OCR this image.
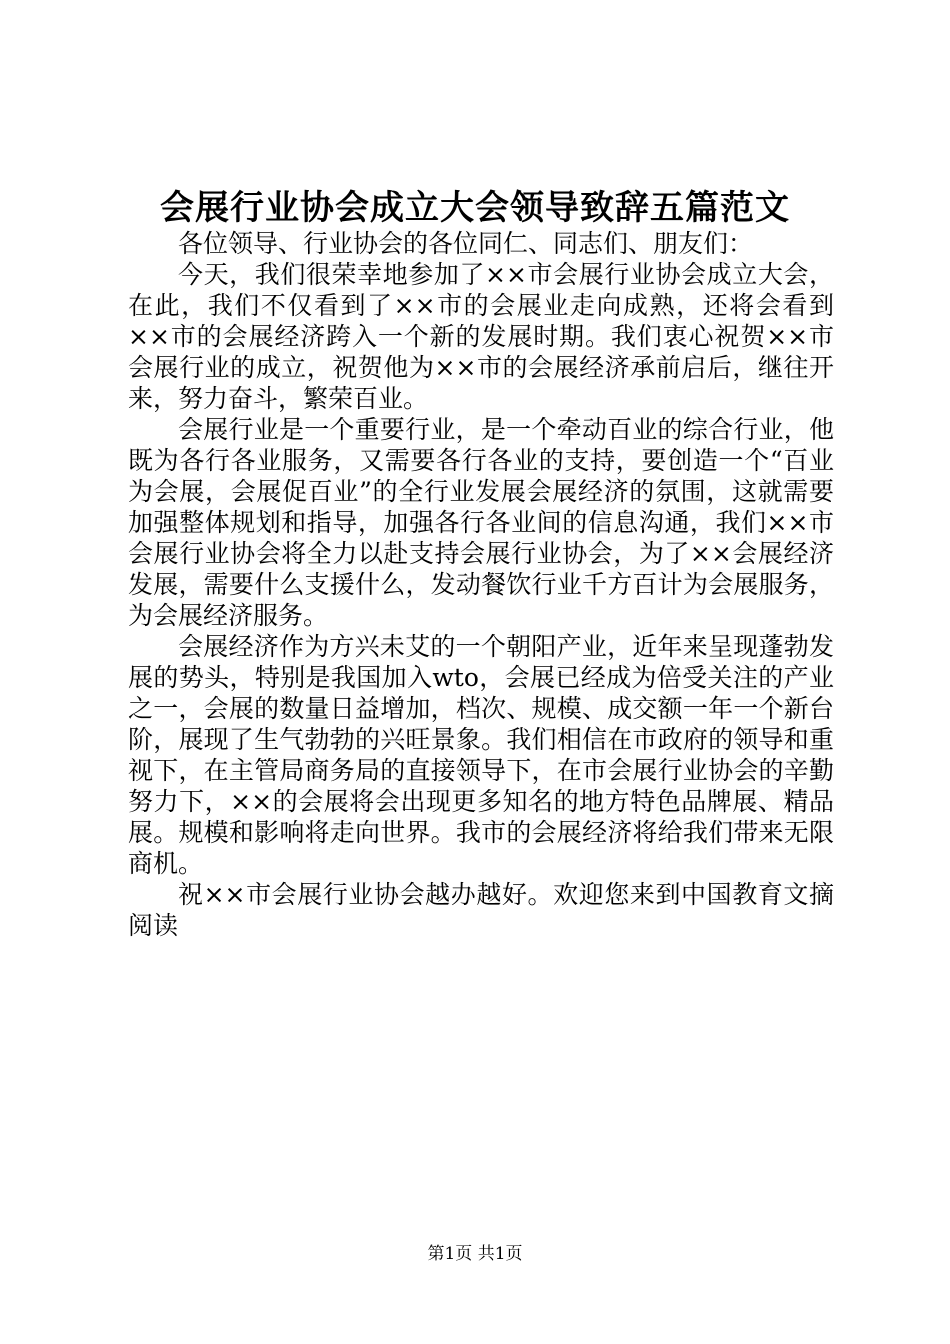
会展行业协会成立大会领导致辞五篇范文

各位领导、行业协会的各位同仁、同志们、朋友们：

今天，我们很荣幸地参加了××市会展行业协会成立大会，在此，我们不仅看到了××市的会展业走向成熟，还将会看到××市的会展经济跨入一个新的发展时期。我们衷心祝贺××市会展行业的成立，祝贺他为××市的会展经济承前启后，继往开来，努力奋斗，繁荣百业。

会展行业是一个重要行业，是一个牵动百业的综合行业，他既为各行各业服务，又需要各行各业的支持，要创造一个“百业为会展，会展促百业”的全行业发展会展经济的氛围，这就需要加强整体规划和指导，加强各行各业间的信息沟通，我们××市会展行业协会将全力以赴支持会展行业协会，为了××会展经济发展，需要什么支援什么，发动餐饮行业千方百计为会展服务，为会展经济服务。

会展经济作为方兴未艾的一个朝阳产业，近年来呈现蓬勃发展的势头，特别是我国加入wto，会展已经成为倍受关注的产业之一，会展的数量日益增加，档次、规模、成交额一年一个新台阶，展现了生气勃勃的兴旺景象。我们相信在市政府的领导和重视下，在主管局商务局的直接领导下，在市会展行业协会的辛勤努力下，××的会展将会出现更多知名的地方特色品牌展、精品展。规模和影响将走向世界。我市的会展经济将给我们带来无限商机。

祝××市会展行业协会越办越好。欢迎您来到中国教育文摘阅读

第1页 共1页
